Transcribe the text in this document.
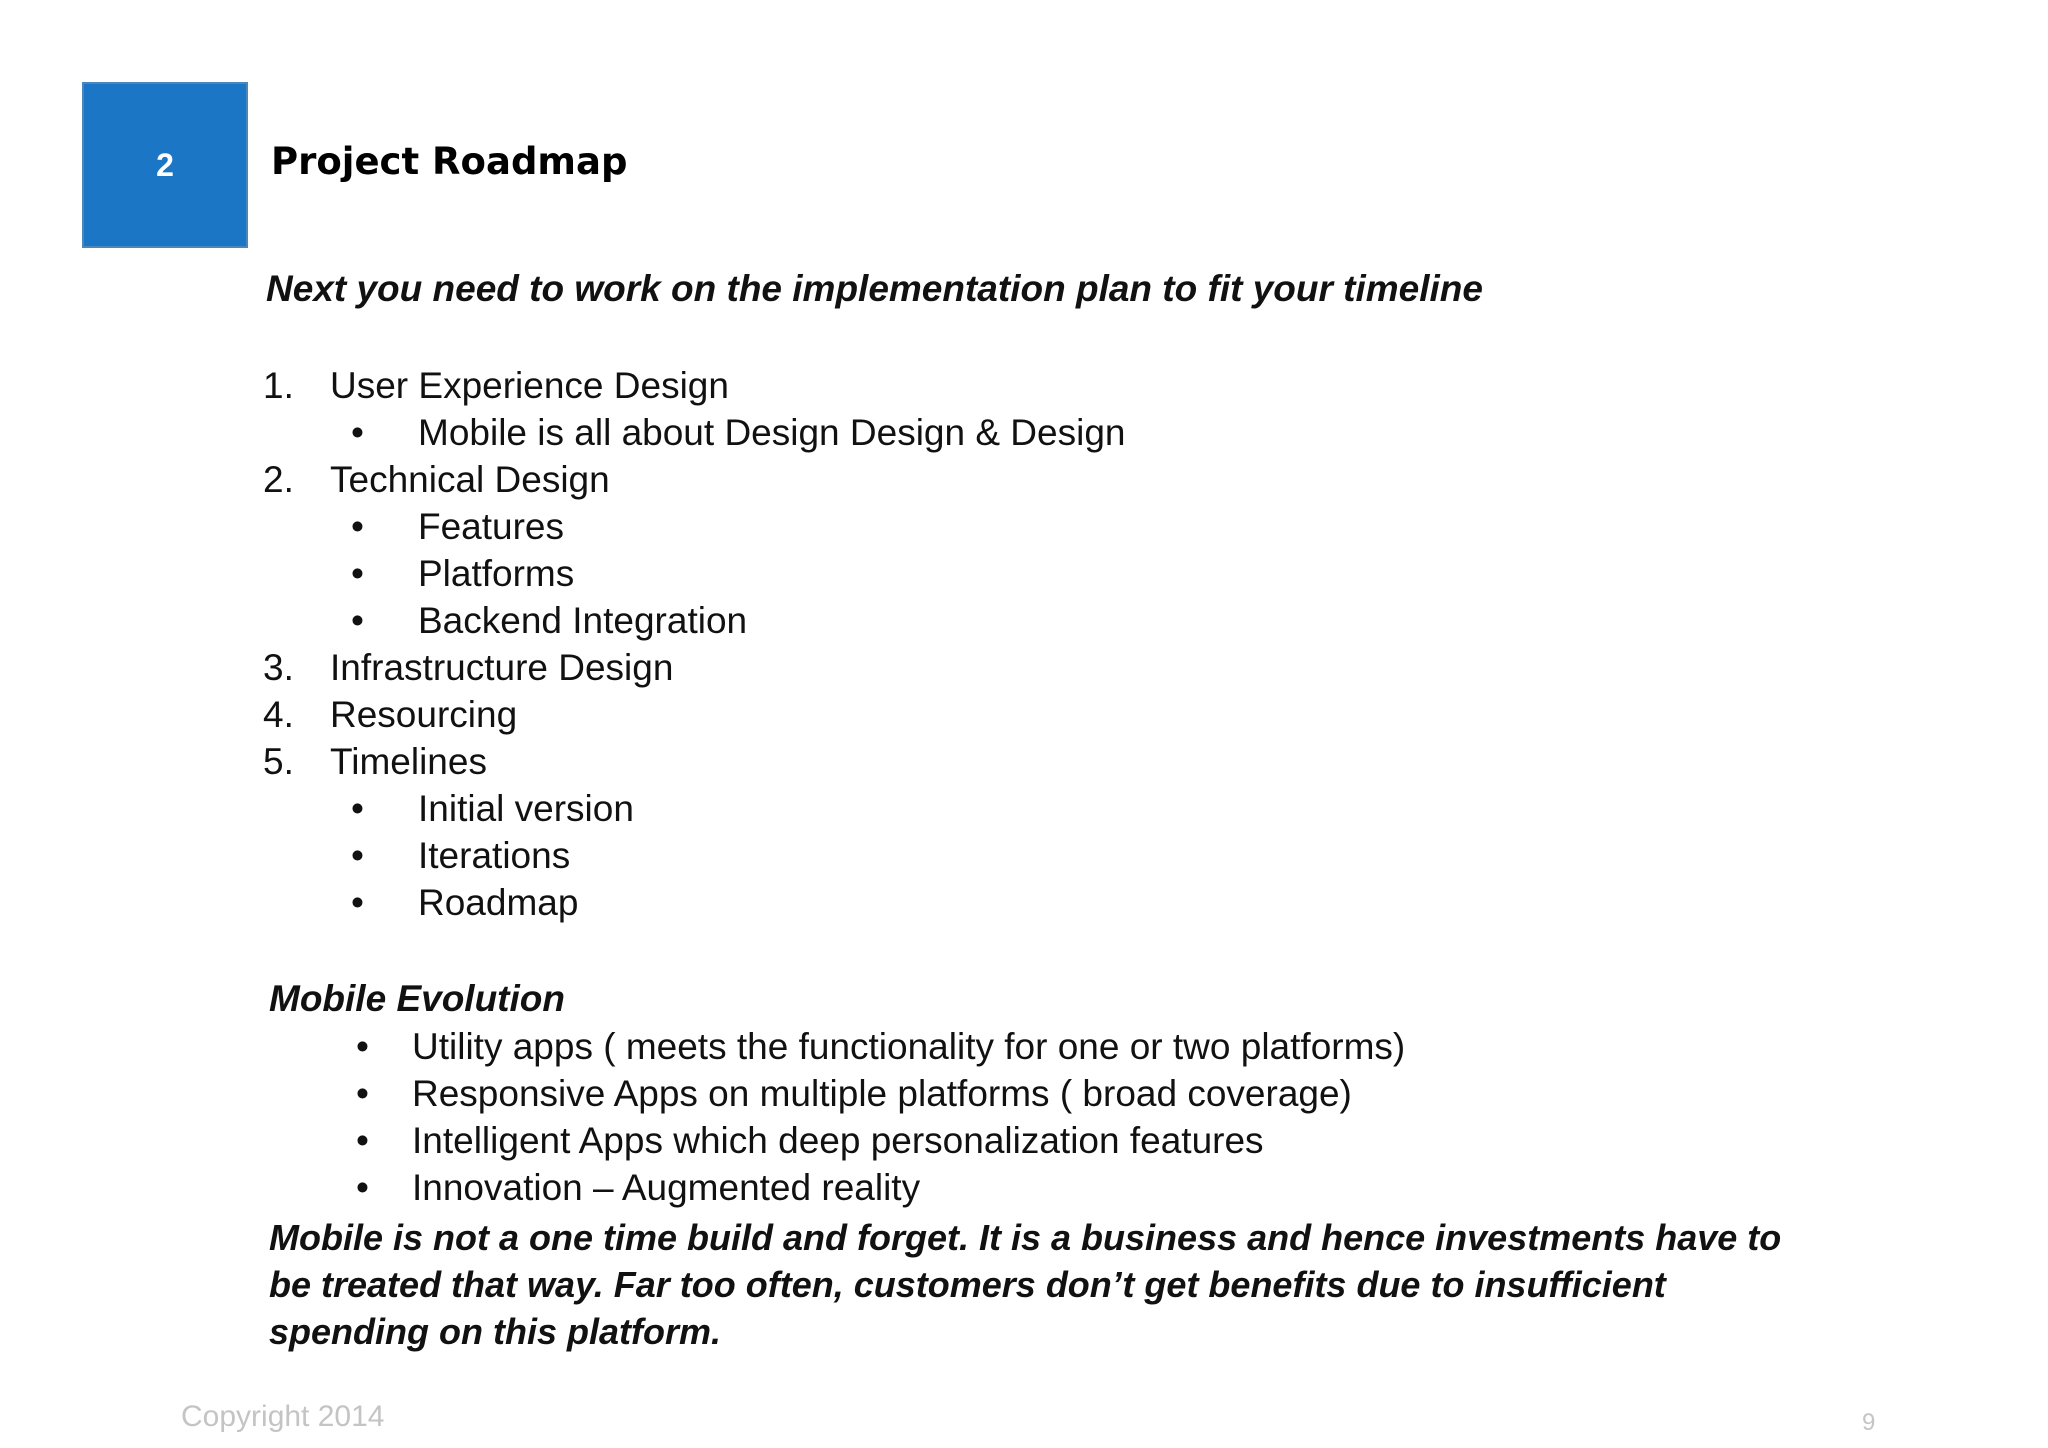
2	Project Roadmap
Next you need to work on the implementation plan to fit your timeline
1. User Experience Design
• Mobile is all about Design Design & Design
2. Technical Design
• Features
• Platforms
• Backend Integration
3. Infrastructure Design
4. Resourcing
5. Timelines
• Initial version
• Iterations
• Roadmap
Mobile Evolution
• Utility apps ( meets the functionality for one or two platforms)
• Responsive Apps on multiple platforms ( broad coverage)
• Intelligent Apps which deep personalization features
• Innovation – Augmented reality
Mobile is not a one time build and forget. It is a business and hence investments have to
be treated that way. Far too often, customers don’t get benefits due to insufficient
spending on this platform.
Copyright 2014	9
